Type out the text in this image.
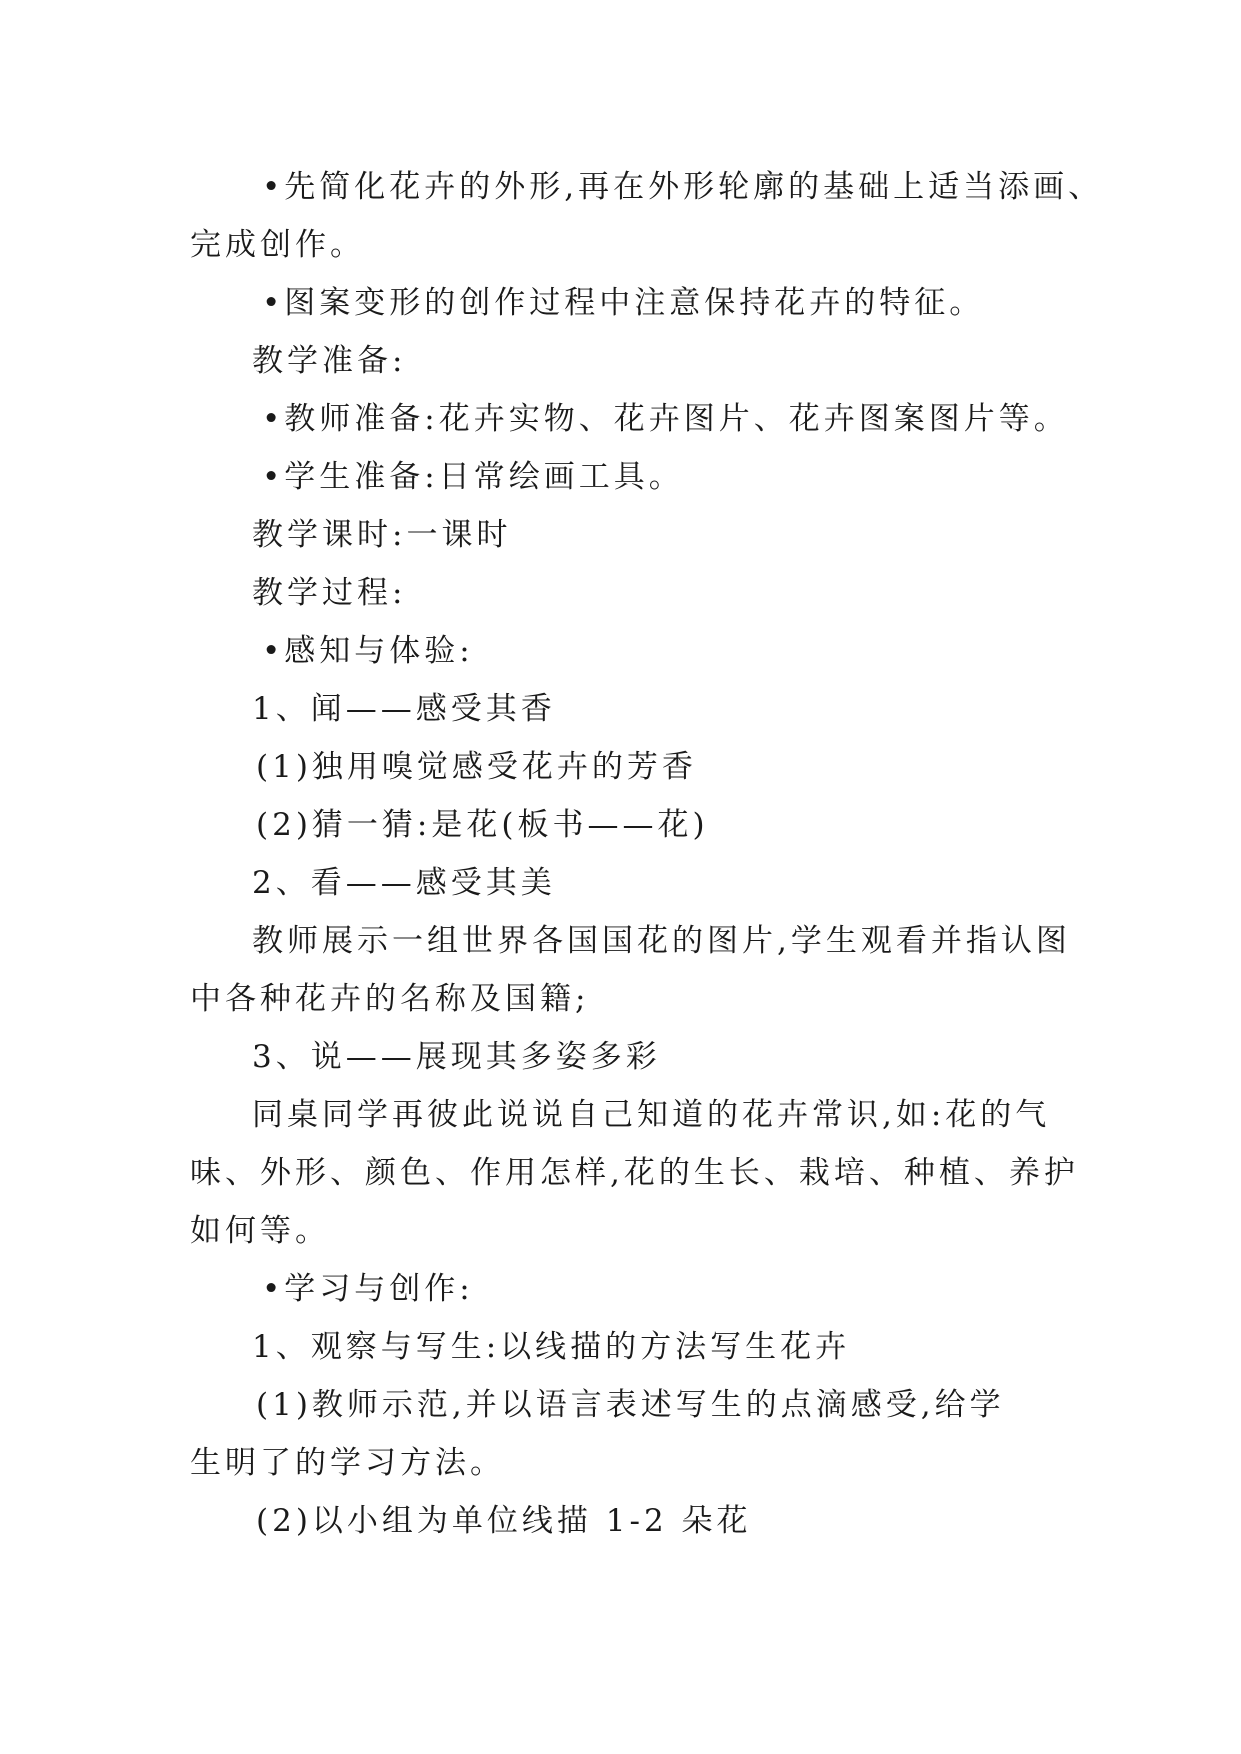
•先简化花卉的外形,再在外形轮廓的基础上适当添画、
完成创作。
•图案变形的创作过程中注意保持花卉的特征。
教学准备:
•教师准备:花卉实物、花卉图片、花卉图案图片等。
•学生准备:日常绘画工具。
教学课时:一课时
教学过程:
•感知与体验:
1、闻——感受其香
(1)独用嗅觉感受花卉的芳香
(2)猜一猜:是花(板书——花)
2、看——感受其美
教师展示一组世界各国国花的图片,学生观看并指认图
中各种花卉的名称及国籍;
3、说——展现其多姿多彩
同桌同学再彼此说说自己知道的花卉常识,如:花的气
味、外形、颜色、作用怎样,花的生长、栽培、种植、养护
如何等。
•学习与创作:
1、观察与写生:以线描的方法写生花卉
(1)教师示范,并以语言表述写生的点滴感受,给学
生明了的学习方法。
(2)以小组为单位线描 1-2 朵花
